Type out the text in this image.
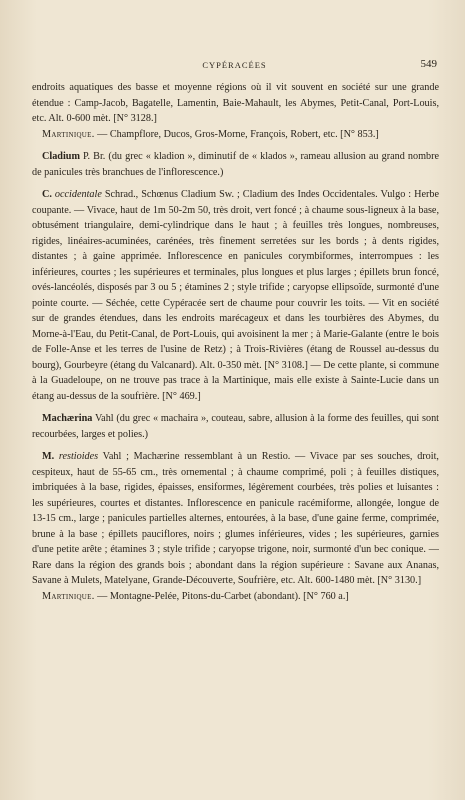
CYPÉRACÉES	549

endroits aquatiques des basse et moyenne régions où il vit souvent en société sur une grande étendue : Camp-Jacob, Bagatelle, Lamentin, Baie-Mahault, les Abymes, Petit-Canal, Port-Louis, etc. Alt. 0-600 mèt. [N° 3128.]

Martinique. — Champflore, Ducos, Gros-Morne, François, Robert, etc. [N° 853.]

Cladium P. Br. (du grec « kladion », diminutif de « klados », rameau allusion au grand nombre de panicules très branchues de l'inflorescence.)

C. occidentale Schrad., Schœnus Cladium Sw. ; Cladium des Indes Occidentales. Vulgo : Herbe coupante. — Vivace, haut de 1m 50-2m 50, très droit, vert foncé ; à chaume sous-ligneux à la base, obtusément triangulaire, demi-cylindrique dans le haut ; à feuilles très longues, nombreuses, rigides, linéaires-acuminées, carénées, très finement serretées sur les bords ; à dents rigides, distantes ; à gaine apprimée. Inflorescence en panicules corymbiformes, interrompues : les inférieures, courtes ; les supérieures et terminales, plus longues et plus larges ; épillets brun foncé, ovés-lancéolés, disposés par 3 ou 5 ; étamines 2 ; style trifide ; caryopse ellipsoïde, surmonté d'une pointe courte. — Séchée, cette Cypéracée sert de chaume pour couvrir les toits. — Vit en société sur de grandes étendues, dans les endroits marécageux et dans les tourbières des Abymes, du Morne-à-l'Eau, du Petit-Canal, de Port-Louis, qui avoisinent la mer ; à Marie-Galante (entre le bois de Folle-Anse et les terres de l'usine de Retz) ; à Trois-Rivières (étang de Roussel au-dessus du bourg), Gourbeyre (étang du Valcanard). Alt. 0-350 mèt. [N° 3108.] — De cette plante, si commune à la Guadeloupe, on ne trouve pas trace à la Martinique, mais elle existe à Sainte-Lucie dans un étang au-dessus de la soufrière. [N° 469.]

Machærina Vahl (du grec « machaira », couteau, sabre, allusion à la forme des feuilles, qui sont recourbées, larges et polies.)

M. restioides Vahl ; Machærine ressemblant à un Restio. — Vivace par ses souches, droit, cespiteux, haut de 55-65 cm., très ornemental ; à chaume comprimé, poli ; à feuilles distiques, imbriquées à la base, rigides, épaisses, ensiformes, légèrement courbées, très polies et luisantes : les supérieures, courtes et distantes. Inflorescence en panicule racémiforme, allongée, longue de 13-15 cm., large ; panicules partielles alternes, entourées, à la base, d'une gaine ferme, comprimée, brune à la base ; épillets pauciflores, noirs ; glumes inférieures, vides ; les supérieures, garnies d'une petite arête ; étamines 3 ; style trifide ; caryopse trigone, noir, surmonté d'un bec conique. — Rare dans la région des grands bois ; abondant dans la région supérieure : Savane aux Ananas, Savane à Mulets, Matelyane, Grande-Découverte, Soufrière, etc. Alt. 600-1480 mèt. [N° 3130.]

Martinique. — Montagne-Pelée, Pitons-du-Carbet (abondant). [N° 760 a.]
